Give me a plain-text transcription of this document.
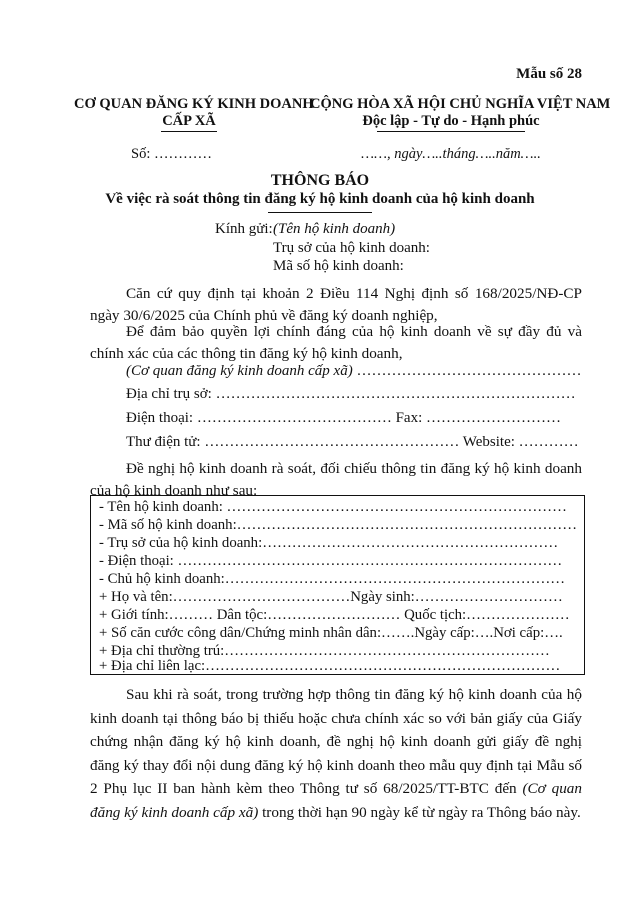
Mẫu số 28
CƠ QUAN ĐĂNG KÝ KINH DOANH
CẤP XÃ
Số: …………
CỘNG HÒA XÃ HỘI CHỦ NGHĨA VIỆT NAM
Độc lập - Tự do - Hạnh phúc
……, ngày…..tháng…..năm…..
THÔNG BÁO
Về việc rà soát thông tin đăng ký hộ kinh doanh của hộ kinh doanh
Kính gửi: (Tên hộ kinh doanh)
Trụ sở của hộ kinh doanh:
Mã số hộ kinh doanh:
Căn cứ quy định tại khoản 2 Điều 114 Nghị định số 168/2025/NĐ-CP ngày 30/6/2025 của Chính phủ về đăng ký doanh nghiệp,
Để đảm bảo quyền lợi chính đáng của hộ kinh doanh về sự đầy đủ và chính xác của các thông tin đăng ký hộ kinh doanh,
(Cơ quan đăng ký kinh doanh cấp xã) ………………………………………
Địa chỉ trụ sở: ………………………………………………………………
Điện thoại: ………………………………… Fax: ………………………
Thư điện tử: …………………………………………… Website: …………
Đề nghị hộ kinh doanh rà soát, đối chiếu thông tin đăng ký hộ kinh doanh của hộ kinh doanh như sau:
- Tên hộ kinh doanh: ……………………………………………………………
- Mã số hộ kinh doanh:……………………………………………………………
- Trụ sở của hộ kinh doanh:……………………………………………………
- Điện thoại: ……………………………………………………………………
- Chủ hộ kinh doanh:……………………………………………………………
+ Họ và tên:………………………………Ngày sinh:…………………………
+ Giới tính:……… Dân tộc:……………………… Quốc tịch:…………………
+ Số căn cước công dân/Chứng minh nhân dân:…….Ngày cấp:….Nơi cấp:….
+ Địa chỉ thường trú:…………………………………………………………
+ Địa chỉ liên lạc:………………………………………………………………
Sau khi rà soát, trong trường hợp thông tin đăng ký hộ kinh doanh của hộ kinh doanh tại thông báo bị thiếu hoặc chưa chính xác so với bản giấy của Giấy chứng nhận đăng ký hộ kinh doanh, đề nghị hộ kinh doanh gửi giấy đề nghị đăng ký thay đổi nội dung đăng ký hộ kinh doanh theo mẫu quy định tại Mẫu số 2 Phụ lục II ban hành kèm theo Thông tư số 68/2025/TT-BTC đến (Cơ quan đăng ký kinh doanh cấp xã) trong thời hạn 90 ngày kể từ ngày ra Thông báo này.
